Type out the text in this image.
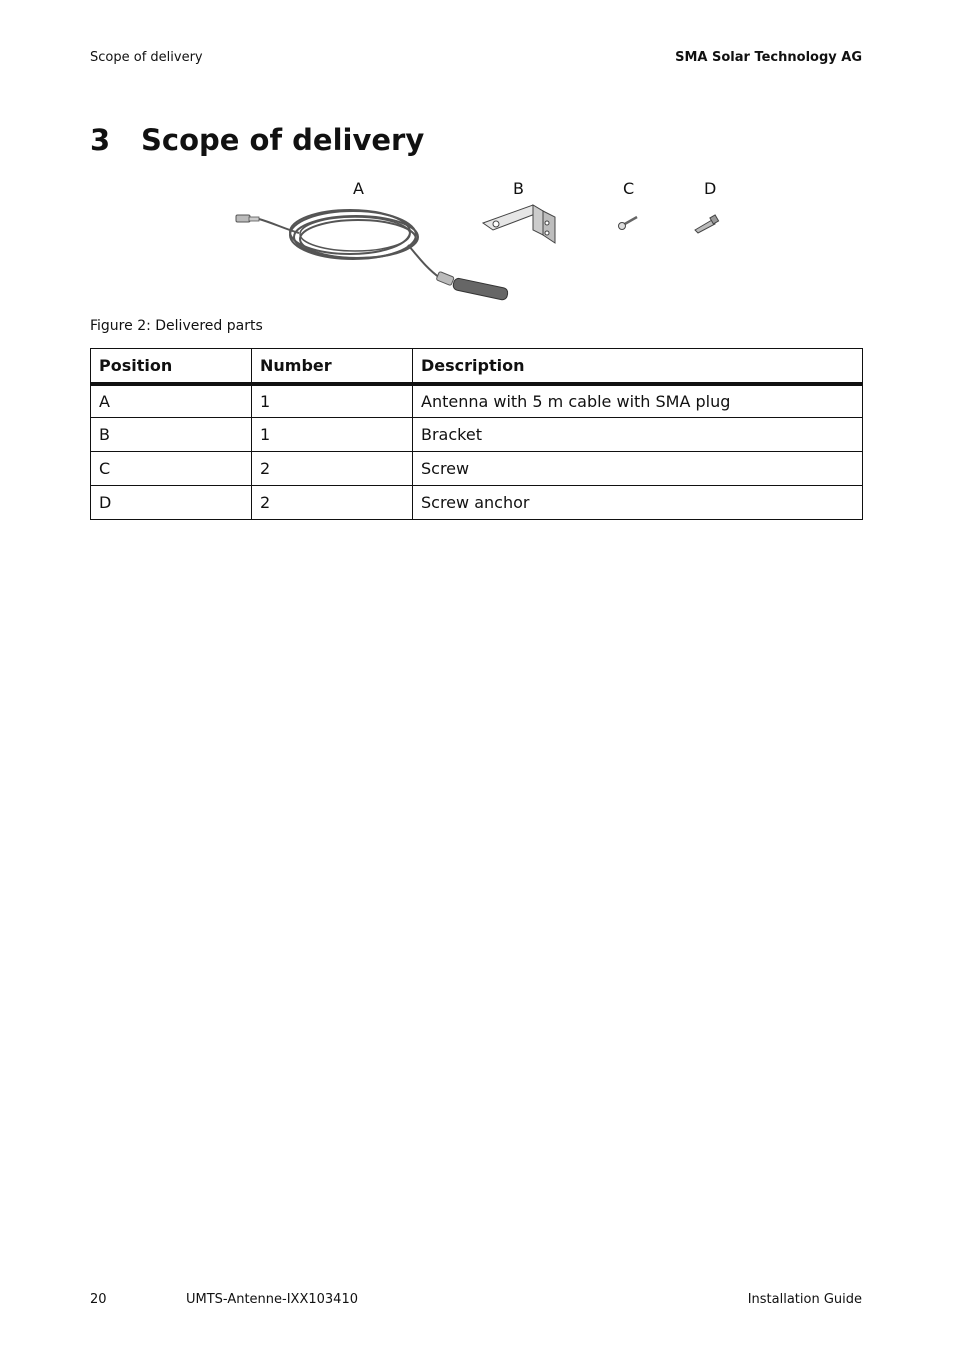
Scope of delivery	SMA Solar Technology AG
3	Scope of delivery
A	B	C	D
Figure 2: Delivered parts
Position	Number	Description
A	1	Antenna with 5 m cable with SMA plug
B	1	Bracket
C	2	Screw
D	2	Screw anchor
20	UMTS-Antenne-IXX103410	Installation Guide
